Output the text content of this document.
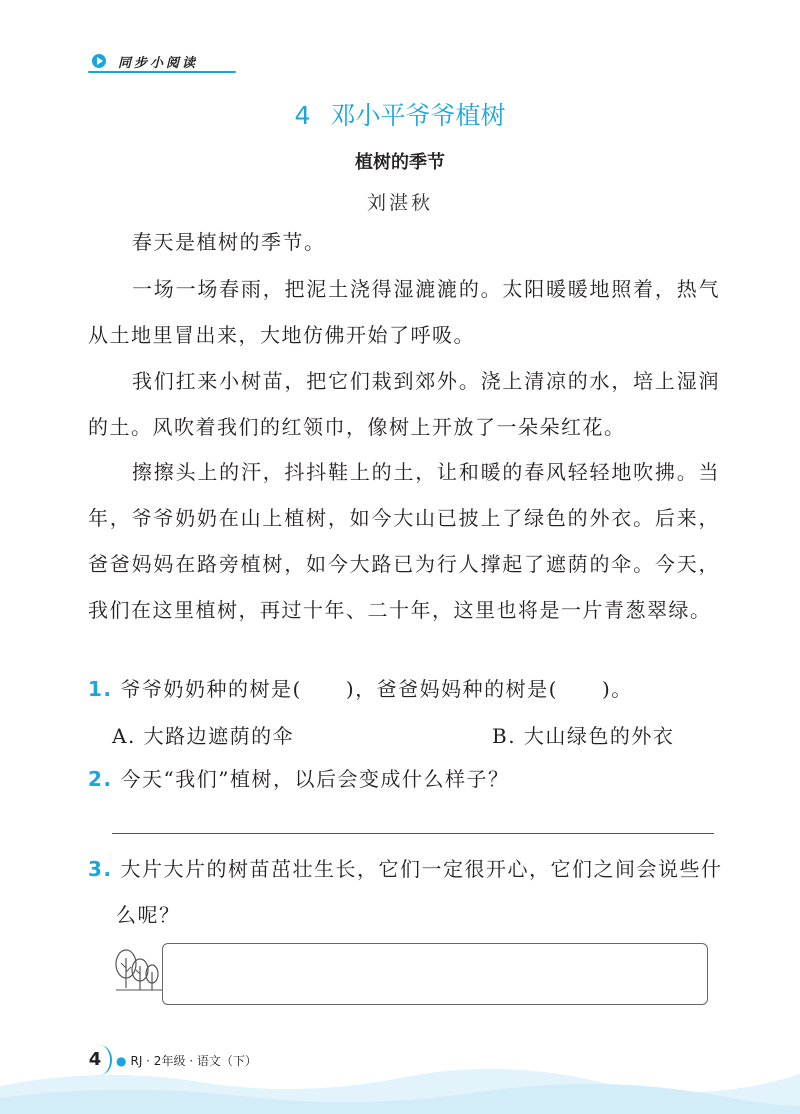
同步小阅读
4 邓小平爷爷植树
植树的季节
刘湛秋

春天是植树的季节。

一场一场春雨，把泥土浇得湿漉漉的。太阳暖暖地照着，热气从土地里冒出来，大地仿佛开始了呼吸。

我们扛来小树苗，把它们栽到郊外。浇上清凉的水，培上湿润的土。风吹着我们的红领巾，像树上开放了一朵朵红花。

擦擦头上的汗，抖抖鞋上的土，让和暖的春风轻轻地吹拂。当年，爷爷奶奶在山上植树，如今大山已披上了绿色的外衣。后来，爸爸妈妈在路旁植树，如今大路已为行人撑起了遮荫的伞。今天，我们在这里植树，再过十年、二十年，这里也将是一片青葱翠绿。

1. 爷爷奶奶种的树是( )，爸爸妈妈种的树是( )。
A. 大路边遮荫的伞	B. 大山绿色的外衣
2. 今天“我们”植树，以后会变成什么样子？
3. 大片大片的树苗茁壮生长，它们一定很开心，它们之间会说些什么呢？
4	● RJ · 2年级 · 语文（下）
